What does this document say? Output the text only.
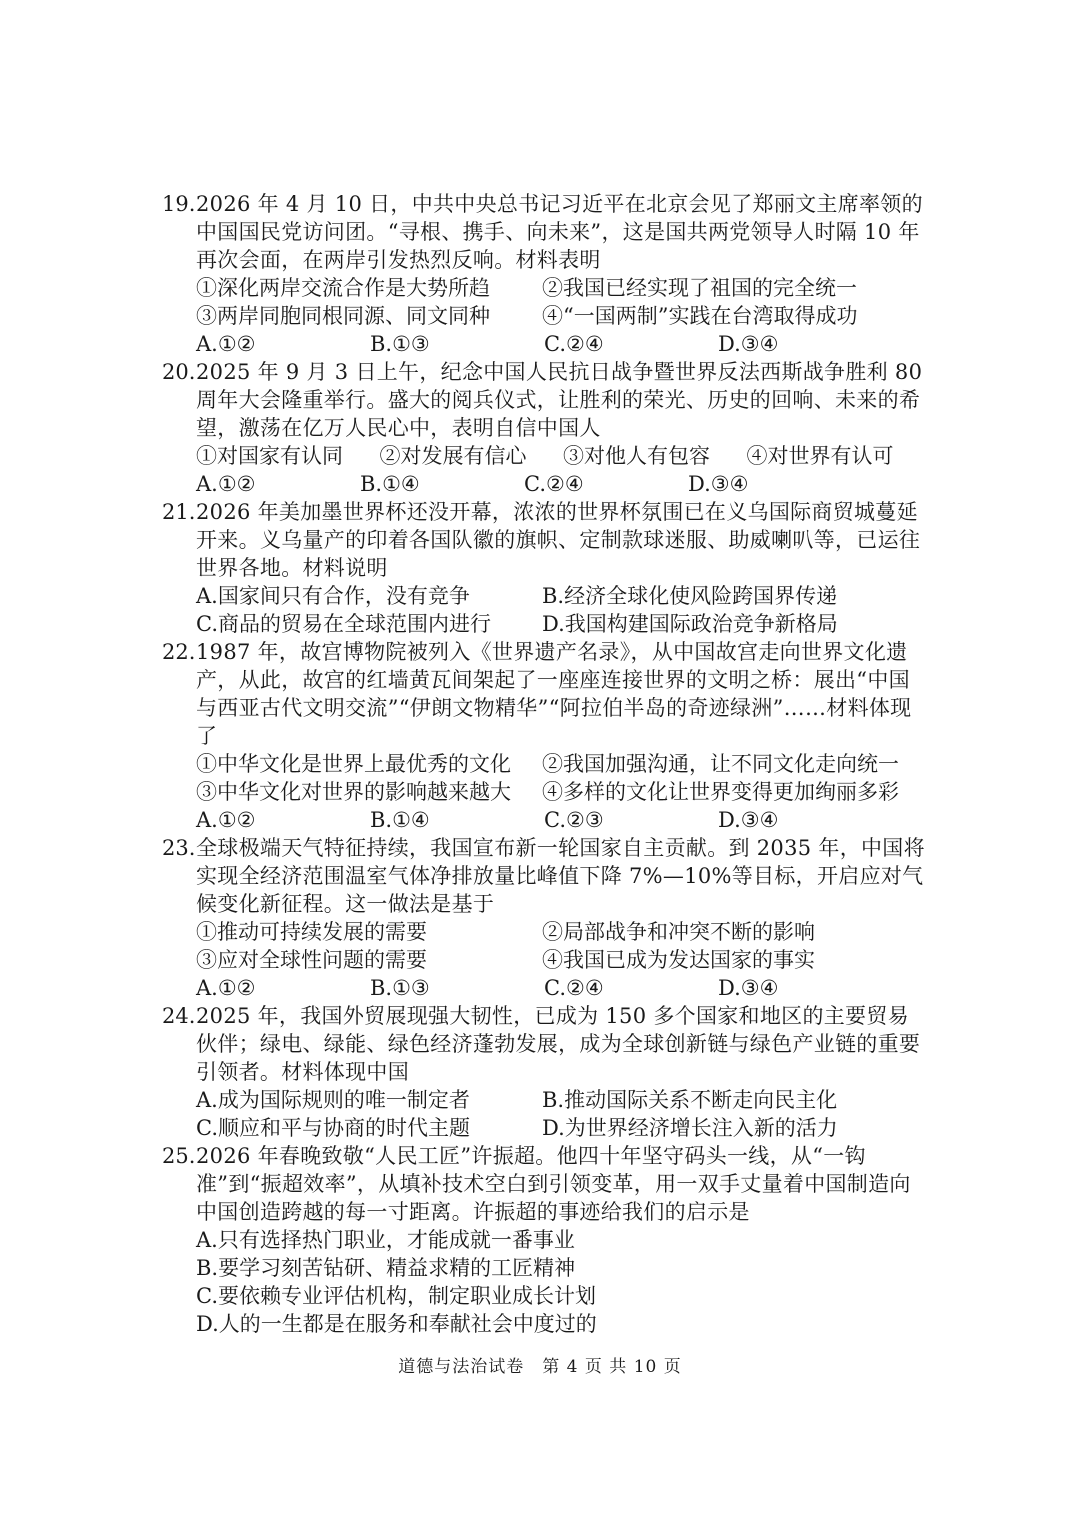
19. 2026 年 4 月 10 日，中共中央总书记习近平在北京会见了郑丽文主席率领的中国国民党访问团。“寻根、携手、向未来”，这是国共两党领导人时隔 10 年再次会面，在两岸引发热烈反响。材料表明
①深化两岸交流合作是大势所趋	②我国已经实现了祖国的完全统一
③两岸同胞同根同源、同文同种	④“一国两制”实践在台湾取得成功
A.①②	B.①③	C.②④	D.③④
20. 2025 年 9 月 3 日上午，纪念中国人民抗日战争暨世界反法西斯战争胜利 80 周年大会隆重举行。盛大的阅兵仪式，让胜利的荣光、历史的回响、未来的希望，激荡在亿万人民心中，表明自信中国人
①对国家有认同	②对发展有信心	③对他人有包容	④对世界有认可
A.①②	B.①④	C.②④	D.③④
21. 2026 年美加墨世界杯还没开幕，浓浓的世界杯氛围已在义乌国际商贸城蔓延开来。义乌量产的印着各国队徽的旗帜、定制款球迷服、助威喇叭等，已运往世界各地。材料说明
A.国家间只有合作，没有竞争	B.经济全球化使风险跨国界传递
C.商品的贸易在全球范围内进行	D.我国构建国际政治竞争新格局
22. 1987 年，故宫博物院被列入《世界遗产名录》，从中国故宫走向世界文化遗产，从此，故宫的红墙黄瓦间架起了一座座连接世界的文明之桥：展出“中国与西亚古代文明交流”“伊朗文物精华”“阿拉伯半岛的奇迹绿洲”……材料体现了
①中华文化是世界上最优秀的文化	②我国加强沟通，让不同文化走向统一
③中华文化对世界的影响越来越大	④多样的文化让世界变得更加绚丽多彩
A.①②	B.①④	C.②③	D.③④
23. 全球极端天气特征持续，我国宣布新一轮国家自主贡献。到 2035 年，中国将实现全经济范围温室气体净排放量比峰值下降 7%—10%等目标，开启应对气候变化新征程。这一做法是基于
①推动可持续发展的需要	②局部战争和冲突不断的影响
③应对全球性问题的需要	④我国已成为发达国家的事实
A.①②	B.①③	C.②④	D.③④
24. 2025 年，我国外贸展现强大韧性，已成为 150 多个国家和地区的主要贸易伙伴；绿电、绿能、绿色经济蓬勃发展，成为全球创新链与绿色产业链的重要引领者。材料体现中国
A.成为国际规则的唯一制定者	B.推动国际关系不断走向民主化
C.顺应和平与协商的时代主题	D.为世界经济增长注入新的活力
25. 2026 年春晚致敬“人民工匠”许振超。他四十年坚守码头一线，从“一钩准”到“振超效率”，从填补技术空白到引领变革，用一双手丈量着中国制造向中国创造跨越的每一寸距离。许振超的事迹给我们的启示是
A.只有选择热门职业，才能成就一番事业
B.要学习刻苦钻研、精益求精的工匠精神
C.要依赖专业评估机构，制定职业成长计划
D.人的一生都是在服务和奉献社会中度过的
道德与法治试卷　第 4 页 共 10 页
